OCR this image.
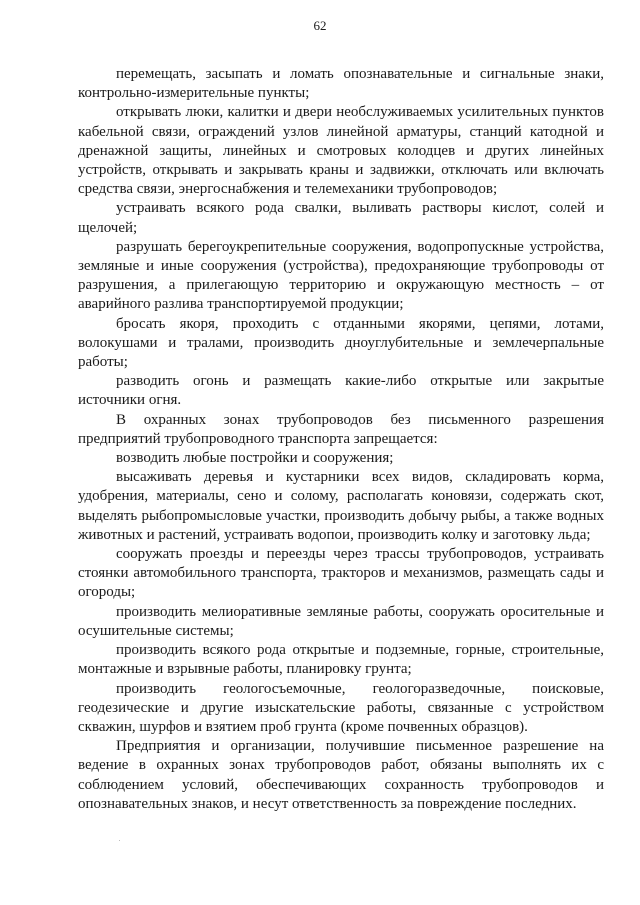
62

перемещать, засыпать и ломать опознавательные и сигнальные знаки, контрольно-измерительные пункты;

открывать люки, калитки и двери необслуживаемых усилительных пунктов кабельной связи, ограждений узлов линейной арматуры, станций катодной и дренажной защиты, линейных и смотровых колодцев и других линейных устройств, открывать и закрывать краны и задвижки, отключать или включать средства связи, энергоснабжения и телемеханики трубопроводов;

устраивать всякого рода свалки, выливать растворы кислот, солей и щелочей;

разрушать берегоукрепительные сооружения, водопропускные устройства, земляные и иные сооружения (устройства), предохраняющие трубопроводы от разрушения, а прилегающую территорию и окружающую местность – от аварийного разлива транспортируемой продукции;

бросать якоря, проходить с отданными якорями, цепями, лотами, волокушами и тралами, производить дноуглубительные и землечерпальные работы;

разводить огонь и размещать какие-либо открытые или закрытые источники огня.

В охранных зонах трубопроводов без письменного разрешения предприятий трубопроводного транспорта запрещается:

возводить любые постройки и сооружения;

высаживать деревья и кустарники всех видов, складировать корма, удобрения, материалы, сено и солому, располагать коновязи, содержать скот, выделять рыбопромысловые участки, производить добычу рыбы, а также водных животных и растений, устраивать водопои, производить колку и заготовку льда;

сооружать проезды и переезды через трассы трубопроводов, устраивать стоянки автомобильного транспорта, тракторов и механизмов, размещать сады и огороды;

производить мелиоративные земляные работы, сооружать оросительные и осушительные системы;

производить всякого рода открытые и подземные, горные, строительные, монтажные и взрывные работы, планировку грунта;

производить геологосъемочные, геологоразведочные, поисковые, геодезические и другие изыскательские работы, связанные с устройством скважин, шурфов и взятием проб грунта (кроме почвенных образцов).

Предприятия и организации, получившие письменное разрешение на ведение в охранных зонах трубопроводов работ, обязаны выполнять их с соблюдением условий, обеспечивающих сохранность трубопроводов и опознавательных знаков, и несут ответственность за повреждение последних.
